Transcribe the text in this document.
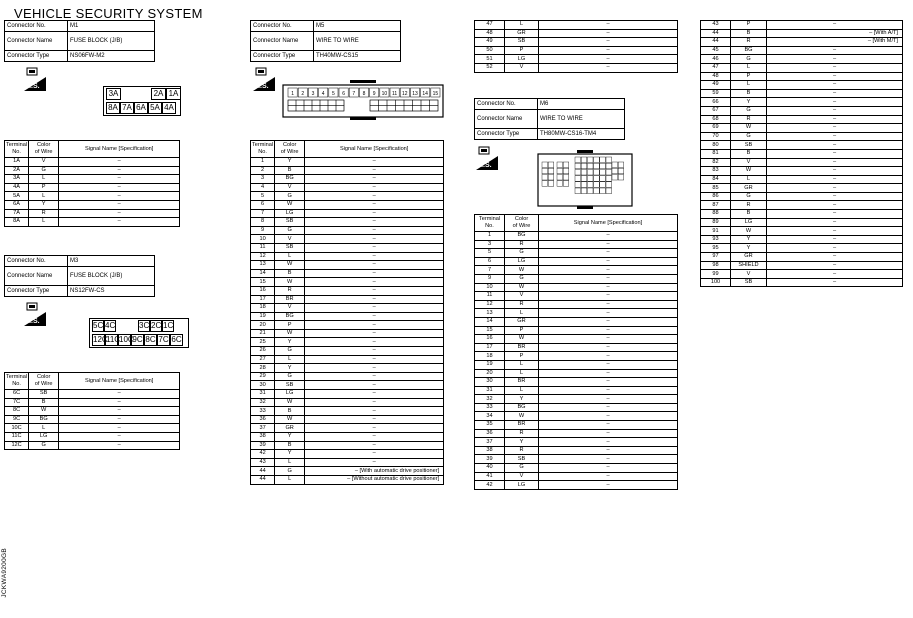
VEHICLE SECURITY SYSTEM
Connector No.	M1
Connector Name	FUSE BLOCK (J/B)
Connector Type	NS06FW-M2
H.S.
3A	2A 1A
8A 7A 6A 5A 4A
Terminal
No.	Color
of Wire	Signal Name [Specification]
1A	V	–
2A	G	–
3A	L	–
4A	P	–
5A	L	–
6A	Y	–
7A	R	–
8A	L	–
Connector No.	M3
Connector Name	FUSE BLOCK (J/B)
Connector Type	NS12FW-CS
H.S.	5C 4C	3C 2C 1C
12C
11C
10C
9C 8C 7C 6C
Terminal
No.	Color
of Wire	Signal Name [Specification]
6C	SB	–
7C	B	–
8C	W	–
9C	BG	–
10C	L	–
11C	LG	–
12C	G	–
Connector No.	M5
Connector Name	WIRE TO WIRE
Connector Type	TH40MW-CS15
H.S.
1 2 3 4 5 6 7 8 9 10 11 12 13 14 15
Terminal
No.	Color
of Wire	Signal Name [Specification]
1	Y	–
2	B	–
3	BG	–
4	V	–
5	G	–
6	W	–
7	LG	–
8	SB	–
9	G	–
10	V	–
11	SB	–
12	L	–
13	W	–
14	B	–
15	W	–
16	R	–
17	BR	–
18	V	–
19	BG	–
20	P	–
21	W	–
25	Y	–
26	G	–
27	L	–
28	Y	–
29	G	–
30	SB	–
31	LG	–
32	W	–
33	B	–
36	W	–
37	GR	–
38	Y	–
39	B	–
42	Y	–
43	L	–
44	G	– [With automatic drive positioner]
44	L	– [Without automatic drive positioner]
47	L	–
48	GR	–
49	SB	–
50	P	–
51	LG	–
52	V	–
Connector No.	M6
Connector Name	WIRE TO WIRE
Connector Type	TH80MW-CS16-TM4
H.S.
Terminal
No.	Color
of Wire	Signal Name [Specification]
1	BG	–
3	R	–
5	G	–
6	LG	–
7	W	–
9	G	–
10	W	–
11	V	–
12	R	–
13	L	–
14	GR	–
15	P	–
16	W	–
17	BR	–
18	P	–
19	L	–
20	L	–
30	BR	–
31	L	–
32	Y	–
33	BG	–
34	W	–
35	BR	–
36	R	–
37	Y	–
38	R	–
39	SB	–
40	G	–
41	V	–
42	LG	–
43	P	–
44	B	– [With A/T]
44	R	– [With M/T]
45	BG	–
46	G	–
47	L	–
48	P	–
49	L	–
59	B	–
66	Y	–
67	G	–
68	R	–
69	W	–
70	G	–
80	SB	–
81	B	–
82	V	–
83	W	–
84	L	–
85	GR	–
86	G	–
87	R	–
88	B	–
89	LG	–
91	W	–
93	Y	–
95	Y	–
97	GR	–
98	SHIELD	–
99	V	–
100	SB	–
JCKWA9200GB
